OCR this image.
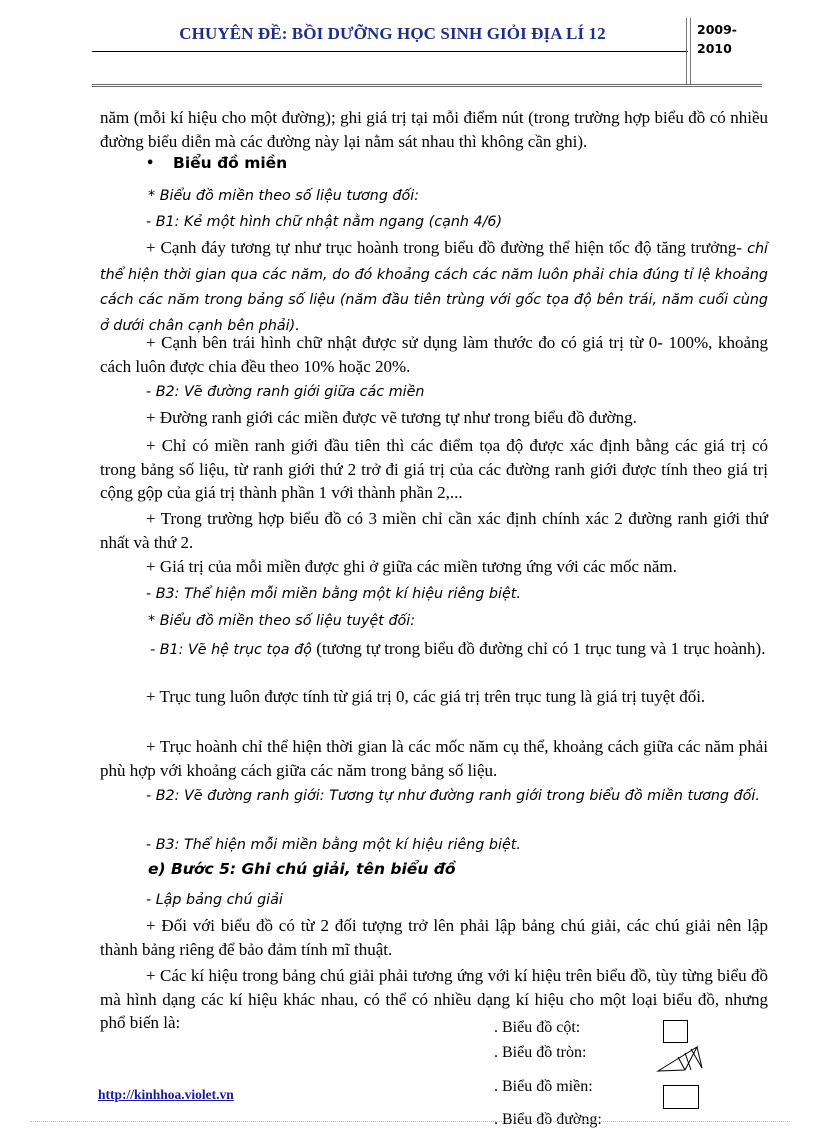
CHUYÊN ĐỀ: BỒI DƯỠNG HỌC SINH GIỎI ĐỊA LÍ 12	2009-
2010

năm (mỗi kí hiệu cho một đường); ghi giá trị tại mỗi điểm nút (trong trường hợp biểu đồ có nhiều đường biểu diễn mà các đường này lại nằm sát nhau thì không cần ghi).

• Biểu đồ miền

* Biểu đồ miền theo số liệu tương đối:

- B1: Kẻ một hình chữ nhật nằm ngang (cạnh 4/6)

+ Cạnh đáy tương tự như trục hoành trong biểu đồ đường thể hiện tốc độ tăng trưởng- chỉ thể hiện thời gian qua các năm, do đó khoảng cách các năm luôn phải chia đúng tỉ lệ khoảng cách các năm trong bảng số liệu (năm đầu tiên trùng với gốc tọa độ bên trái, năm cuối cùng ở dưới chân cạnh bên phải).

+ Cạnh bên trái hình chữ nhật được sử dụng làm thước đo có giá trị từ 0- 100%, khoảng cách luôn được chia đều theo 10% hoặc 20%.

- B2: Vẽ đường ranh giới giữa các miền

+ Đường ranh giới các miền được vẽ tương tự như trong biểu đồ đường.

+ Chỉ có miền ranh giới đầu tiên thì các điểm tọa độ được xác định bằng các giá trị có trong bảng số liệu, từ ranh giới thứ 2 trở đi giá trị của các đường ranh giới được tính theo giá trị cộng gộp của giá trị thành phần 1 với thành phần 2,...

+ Trong trường hợp biểu đồ có 3 miền chỉ cần xác định chính xác 2 đường ranh giới thứ nhất và thứ 2.

+ Giá trị của mỗi miền được ghi ở giữa các miền tương ứng với các mốc năm.

- B3: Thể hiện mỗi miền bằng một kí hiệu riêng biệt.

* Biểu đồ miền theo số liệu tuyệt đối:

- B1: Vẽ hệ trục tọa độ (tương tự trong biểu đồ đường chỉ có 1 trục tung và 1 trục hoành).

+ Trục tung luôn được tính từ giá trị 0, các giá trị trên trục tung là giá trị tuyệt đối.

+ Trục hoành chỉ thể hiện thời gian là các mốc năm cụ thể, khoảng cách giữa các năm phải phù hợp với khoảng cách giữa các năm trong bảng số liệu.

- B2: Vẽ đường ranh giới: Tương tự như đường ranh giới trong biểu đồ miền tương đối.

- B3: Thể hiện mỗi miền bằng một kí hiệu riêng biệt.

e) Bước 5: Ghi chú giải, tên biểu đồ

- Lập bảng chú giải

+ Đối với biểu đồ có từ 2 đối tượng trở lên phải lập bảng chú giải, các chú giải nên lập thành bảng riêng để bảo đảm tính mĩ thuật.

+ Các kí hiệu trong bảng chú giải phải tương ứng với kí hiệu trên biểu đồ, tùy từng biểu đồ mà hình dạng các kí hiệu khác nhau, có thể có nhiều dạng kí hiệu cho một loại biểu đồ, nhưng phổ biến là:	. Biểu đồ cột:
. Biểu đồ tròn:
. Biểu đồ miền:
. Biểu đồ đường:
http://kinhhoa.violet.vn
